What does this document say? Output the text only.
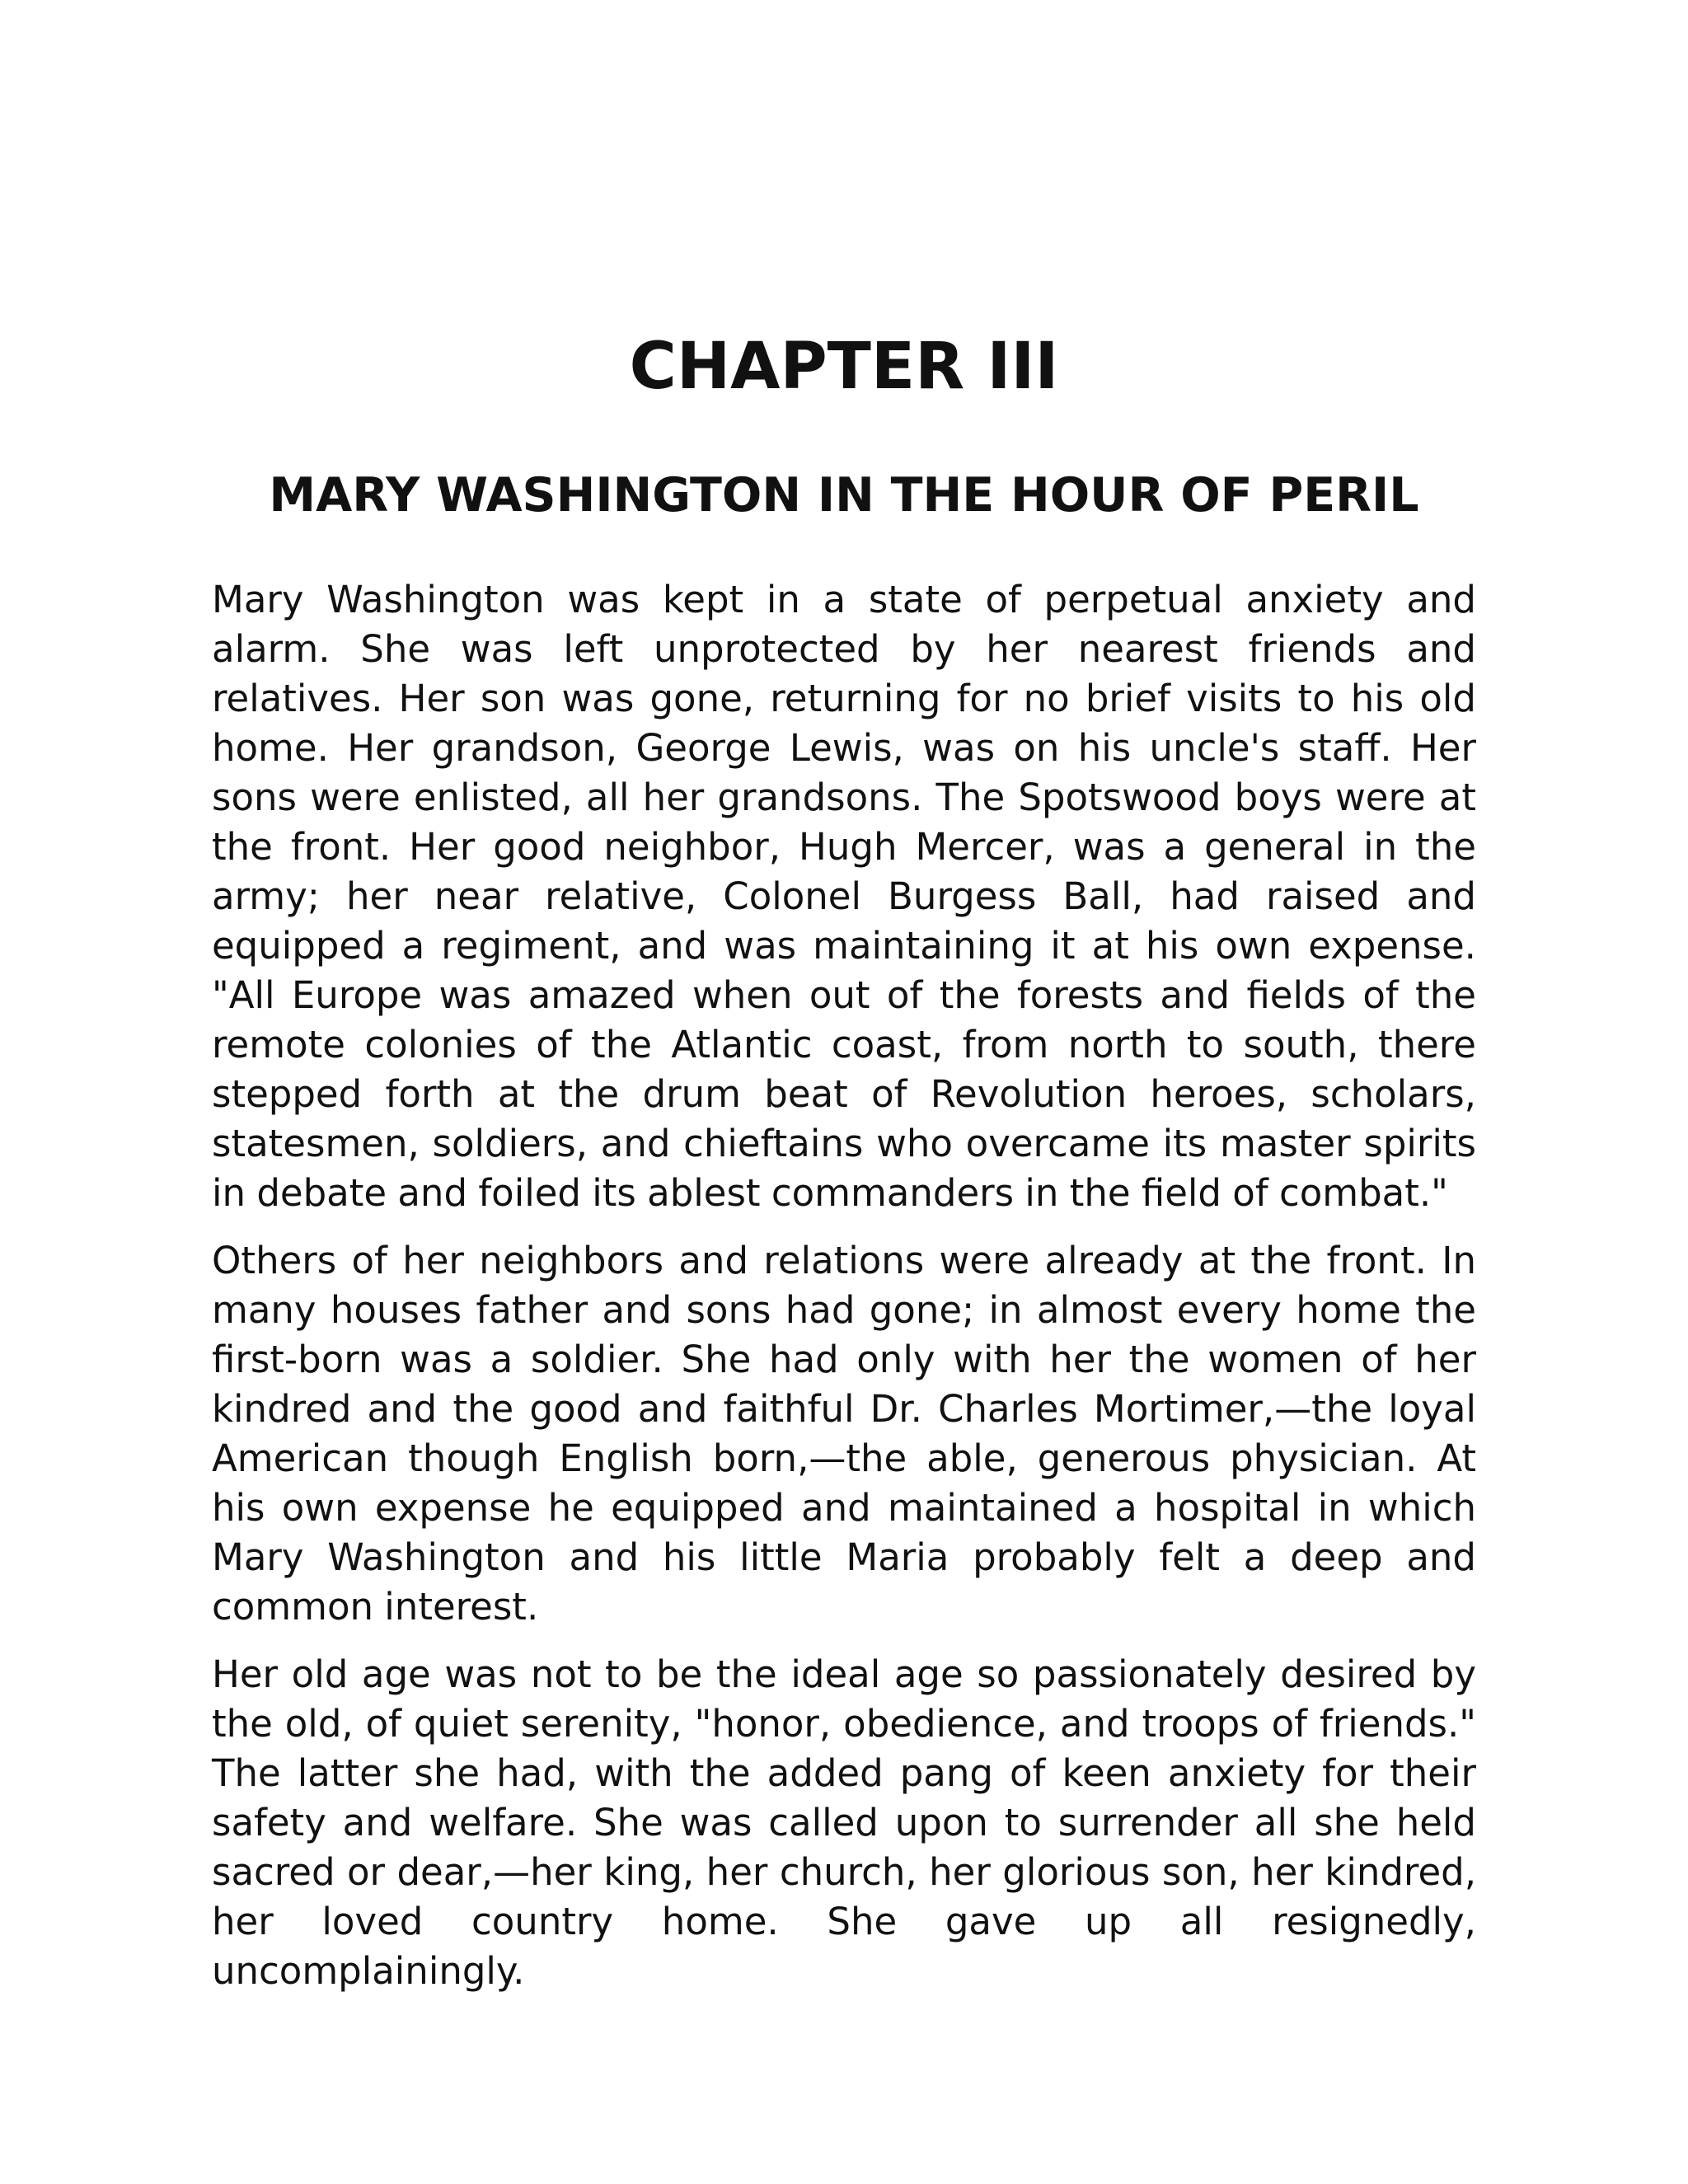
CHAPTER III
MARY WASHINGTON IN THE HOUR OF PERIL

Mary Washington was kept in a state of perpetual anxiety and alarm. She was left unprotected by her nearest friends and relatives. Her son was gone, returning for no brief visits to his old home. Her grandson, George Lewis, was on his uncle's staff. Her sons were enlisted, all her grandsons. The Spotswood boys were at the front. Her good neighbor, Hugh Mercer, was a general in the army; her near relative, Colonel Burgess Ball, had raised and equipped a regiment, and was maintaining it at his own expense. "All Europe was amazed when out of the forests and fields of the remote colonies of the Atlantic coast, from north to south, there stepped forth at the drum beat of Revolution heroes, scholars, statesmen, soldiers, and chieftains who overcame its master spirits in debate and foiled its ablest commanders in the field of combat."

Others of her neighbors and relations were already at the front. In many houses father and sons had gone; in almost every home the first-born was a soldier. She had only with her the women of her kindred and the good and faithful Dr. Charles Mortimer,—the loyal American though English born,—the able, generous physician. At his own expense he equipped and maintained a hospital in which Mary Washington and his little Maria probably felt a deep and common interest.

Her old age was not to be the ideal age so passionately desired by the old, of quiet serenity, "honor, obedience, and troops of friends." The latter she had, with the added pang of keen anxiety for their safety and welfare. She was called upon to surrender all she held sacred or dear,—her king, her church, her glorious son, her kindred, her loved country home. She gave up all resignedly, uncomplainingly.
